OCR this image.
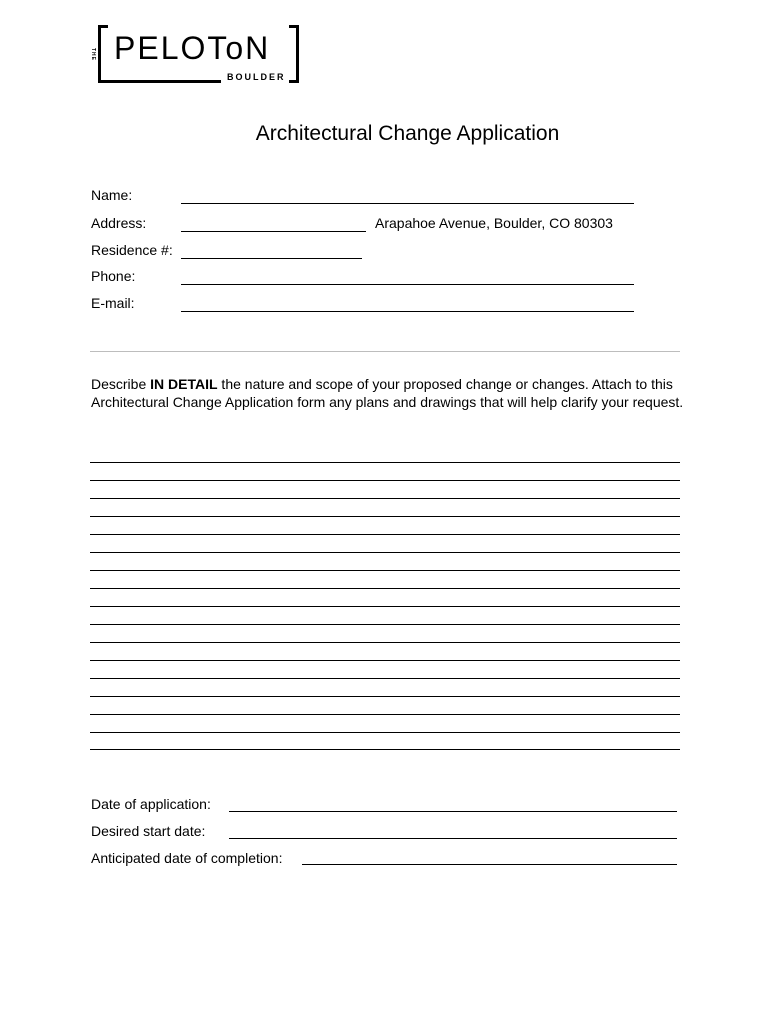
THE PELOToN
BOULDER
Architectural Change Application
Name:
Address:	Arapahoe Avenue, Boulder, CO 80303
Residence #:
Phone:
E-mail:
Describe IN DETAIL the nature and scope of your proposed change or changes. Attach to this Architectural Change Application form any plans and drawings that will help clarify your request.
Date of application:
Desired start date:
Anticipated date of completion:
